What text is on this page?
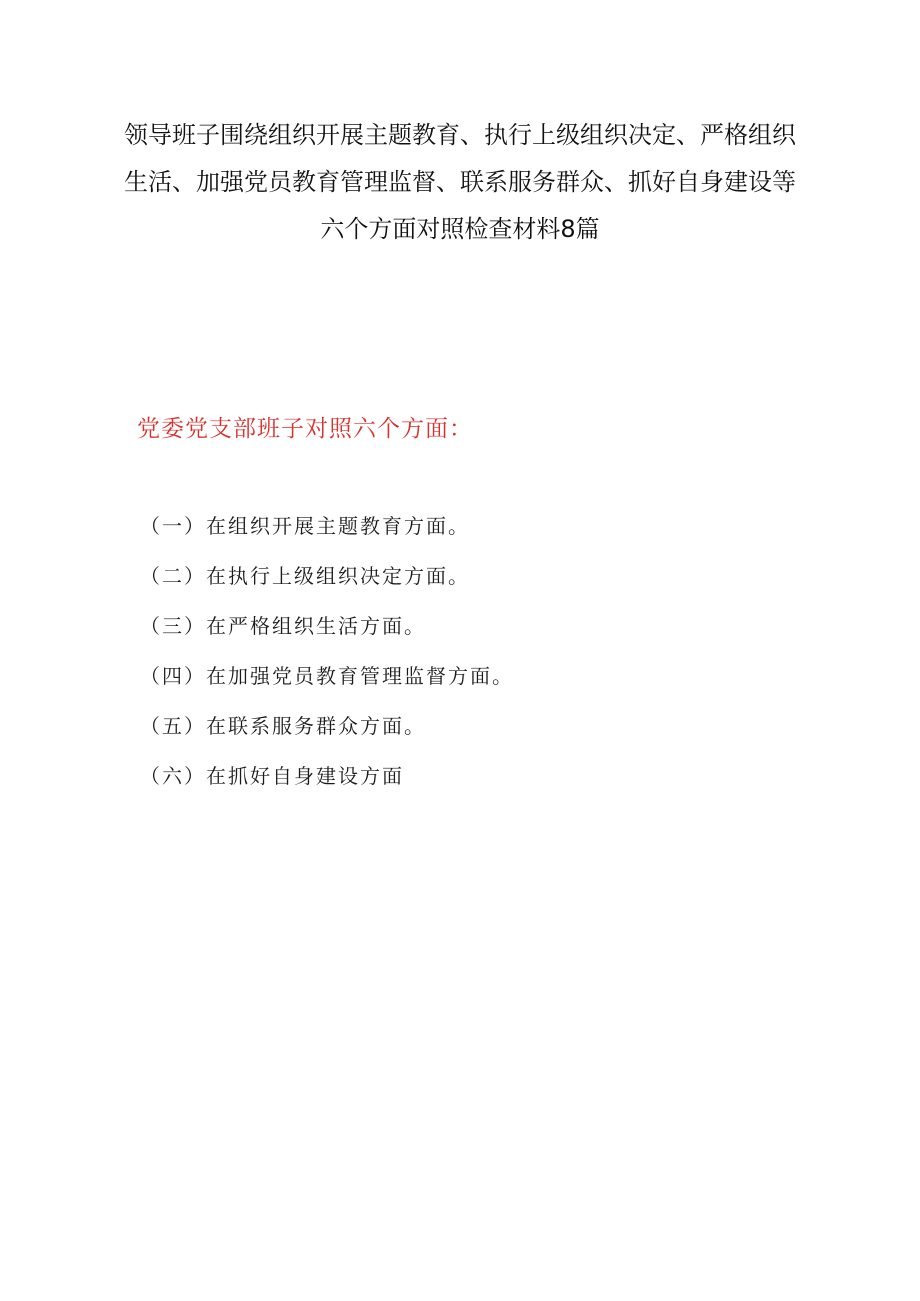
领导班子围绕组织开展主题教育、执行上级组织决定、严格组织
生活、加强党员教育管理监督、联系服务群众、抓好自身建设等
六个方面对照检查材料8篇
党委党支部班子对照六个方面：
（一）在组织开展主题教育方面。
（二）在执行上级组织决定方面。
（三）在严格组织生活方面。
（四）在加强党员教育管理监督方面。
（五）在联系服务群众方面。
（六）在抓好自身建设方面
